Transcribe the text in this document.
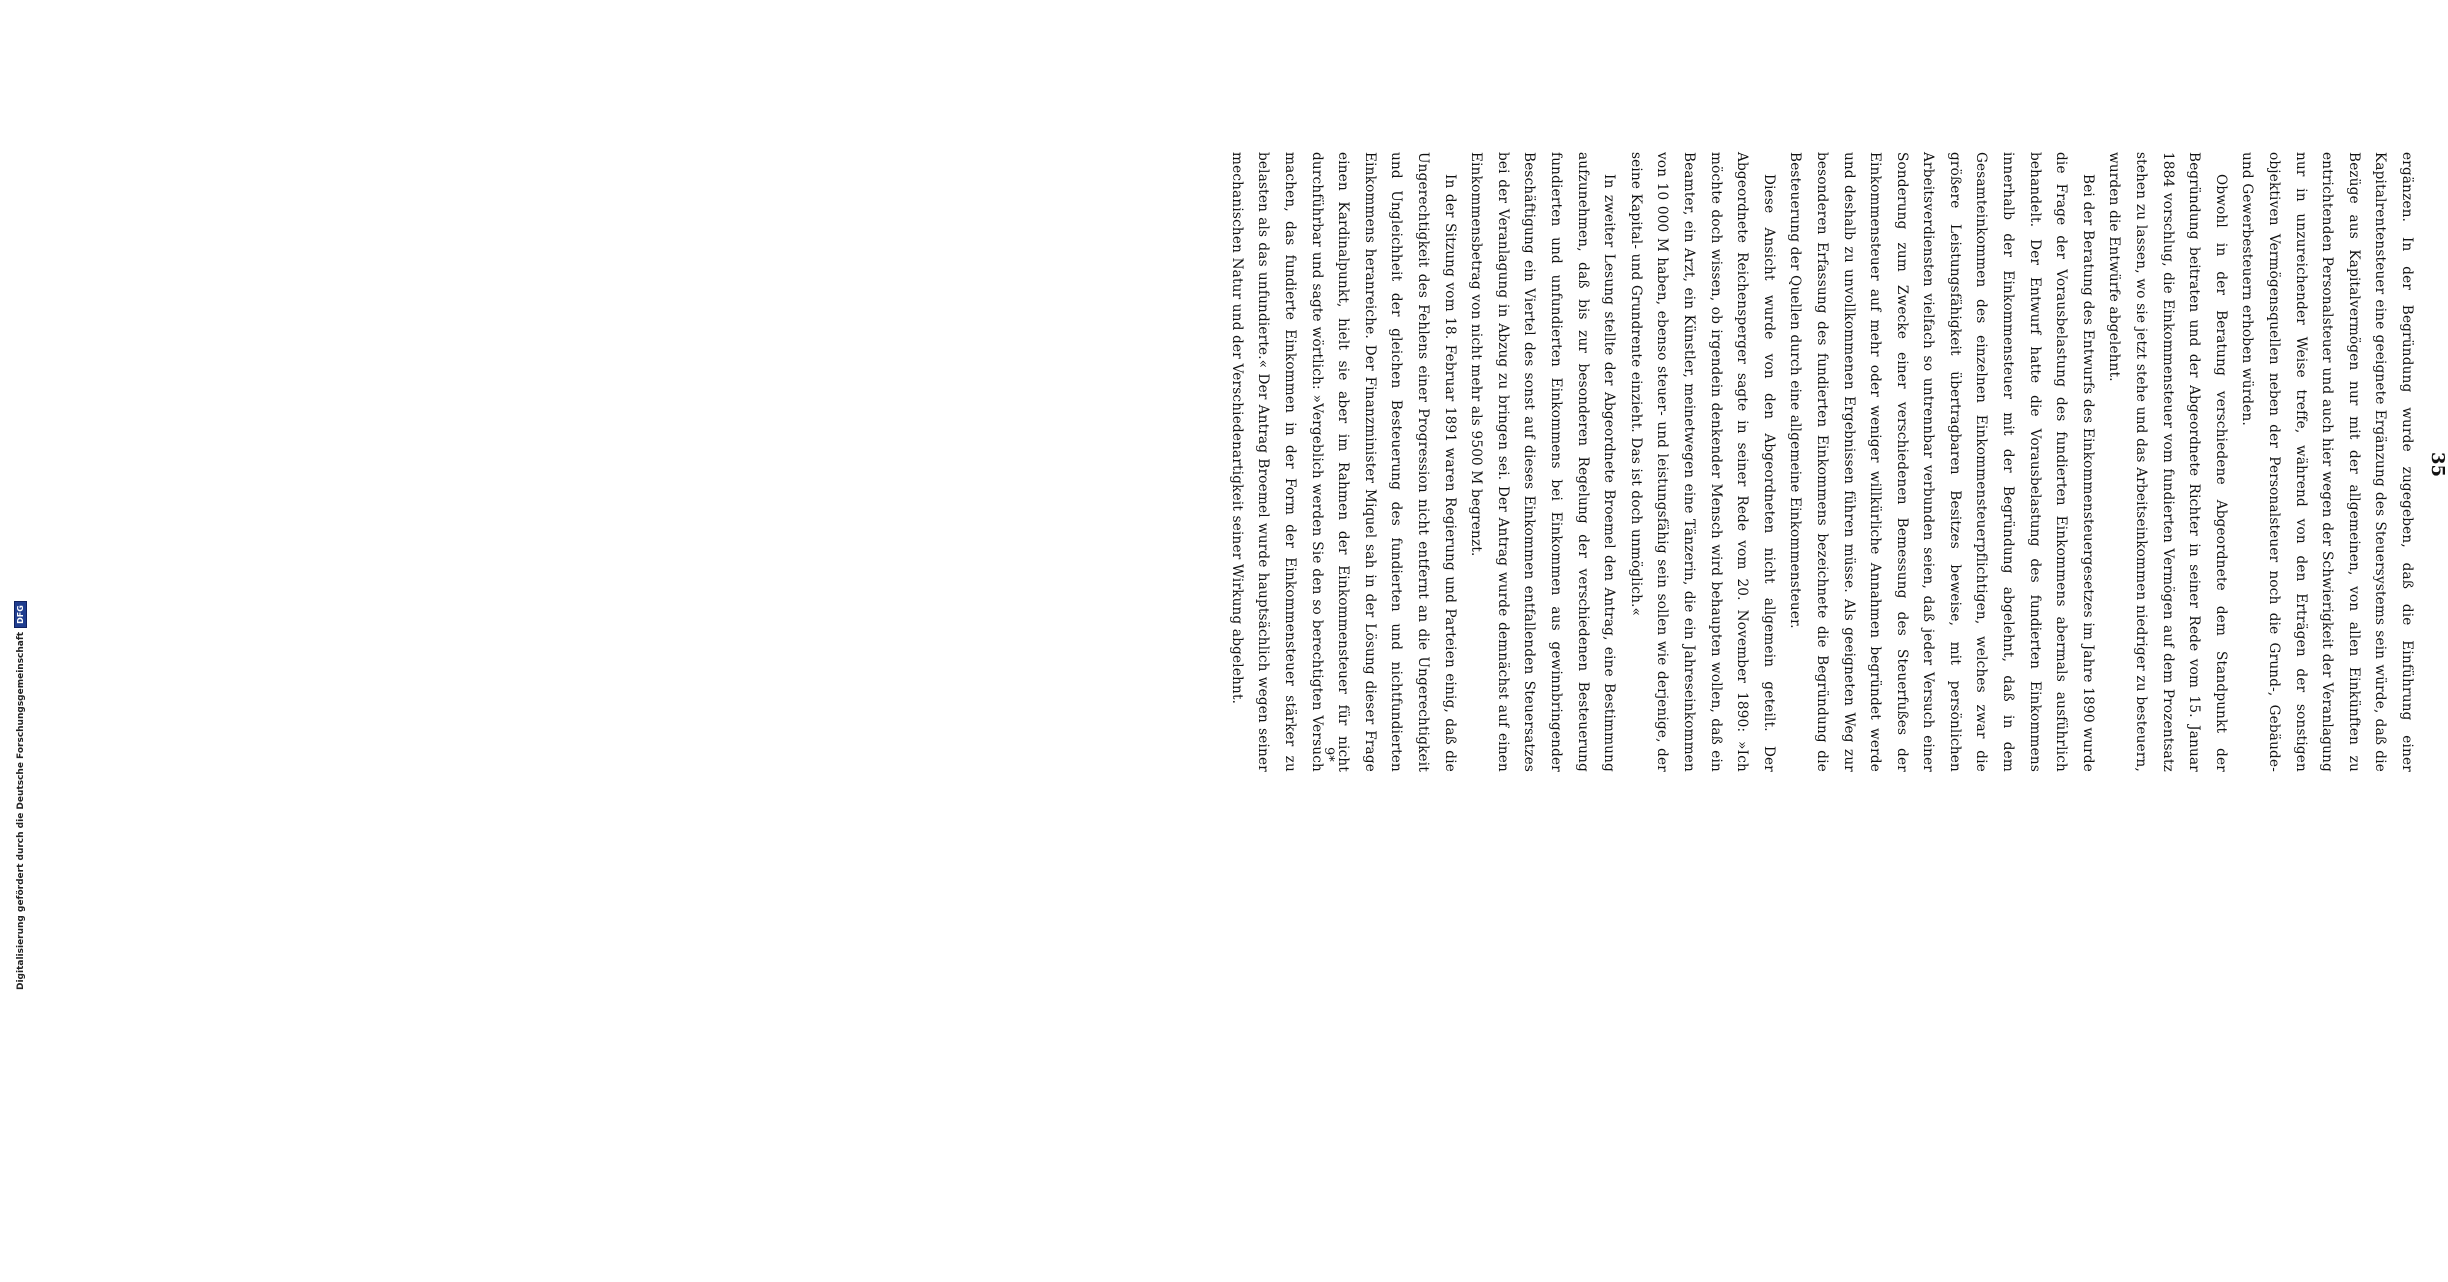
35

ergänzen. In der Begründung wurde zugegeben, daß die Einführung einer Kapitalrentensteuer eine geeignete Ergänzung des Steuersystems sein würde, daß die Bezüge aus Kapitalvermögen nur mit der allgemeinen, von allen Einkünften zu entrichtenden Personalsteuer und auch hier wegen der Schwierigkeit der Veranlagung nur in unzureichender Weise treffe, während von den Erträgen der sonstigen objektiven Vermögensquellen neben der Personalsteuer noch die Grund-, Gebäude- und Gewerbesteuern erhoben würden.

Obwohl in der Beratung verschiedene Abgeordnete dem Standpunkt der Begründung beitraten und der Abgeordnete Richter in seiner Rede vom 15. Januar 1884 vorschlug, die Einkommensteuer vom fundierten Vermögen auf dem Prozentsatz stehen zu lassen, wo sie jetzt stehe und das Arbeitseinkommen niedriger zu besteuern, wurden die Entwürfe abgelehnt.

Bei der Beratung des Entwurfs des Einkommensteuergesetzes im Jahre 1890 wurde die Frage der Vorausbelastung des fundierten Einkommens abermals ausführlich behandelt. Der Entwurf hatte die Vorausbelastung des fundierten Einkommens innerhalb der Einkommensteuer mit der Begründung abgelehnt, daß in dem Gesamteinkommen des einzelnen Einkommensteuerpflichtigen, welches zwar die größere Leistungsfähigkeit übertragbaren Besitzes beweise, mit persönlichen Arbeitsverdiensten vielfach so untrennbar verbunden seien, daß jeder Versuch einer Sonderung zum Zwecke einer verschiedenen Bemessung des Steuerfußes der Einkommensteuer auf mehr oder weniger willkürliche Annahmen begründet werde und deshalb zu unvollkommenen Ergebnissen führen müsse. Als geeigneten Weg zur besonderen Erfassung des fundierten Einkommens bezeichnete die Begründung die Besteuerung der Quellen durch eine allgemeine Einkommensteuer.

Diese Ansicht wurde von den Abgeordneten nicht allgemein geteilt. Der Abgeordnete Reichensperger sagte in seiner Rede vom 20. November 1890: »Ich möchte doch wissen, ob irgendein denkender Mensch wird behaupten wollen, daß ein Beamter, ein Arzt, ein Künstler, meinetwegen eine Tänzerin, die ein Jahreseinkommen von 10 000 M haben, ebenso steuer- und leistungsfähig sein sollen wie derjenige, der seine Kapital- und Grundrente einzieht. Das ist doch unmöglich.«

In zweiter Lesung stellte der Abgeordnete Broemel den Antrag, eine Bestimmung aufzunehmen, daß bis zur besonderen Regelung der verschiedenen Besteuerung fundierten und unfundierten Einkommens bei Einkommen aus gewinnbringender Beschäftigung ein Viertel des sonst auf dieses Einkommen entfallenden Steuersatzes bei der Veranlagung in Abzug zu bringen sei. Der Antrag wurde demnächst auf einen Einkommensbetrag von nicht mehr als 9500 M begrenzt.

In der Sitzung vom 18. Februar 1891 waren Regierung und Parteien einig, daß die Ungerechtigkeit des Fehlens einer Progression nicht entfernt an die Ungerechtigkeit und Ungleichheit der gleichen Besteuerung des fundierten und nichtfundierten Einkommens heranreiche. Der Finanzminister Miquel sah in der Lösung dieser Frage einen Kardinalpunkt, hielt sie aber im Rahmen der Einkommensteuer für nicht durchführbar und sagte wörtlich: »Vergeblich werden Sie den so berechtigten Versuch machen, das fundierte Einkommen in der Form der Einkommensteuer stärker zu belasten als das unfundierte.« Der Antrag Broemel wurde hauptsächlich wegen seiner mechanischen Natur und der Verschiedenartigkeit seiner Wirkung abgelehnt.

9*
Digitalisierung gefördert durch die Deutsche Forschungsgemeinschaft
DFG
